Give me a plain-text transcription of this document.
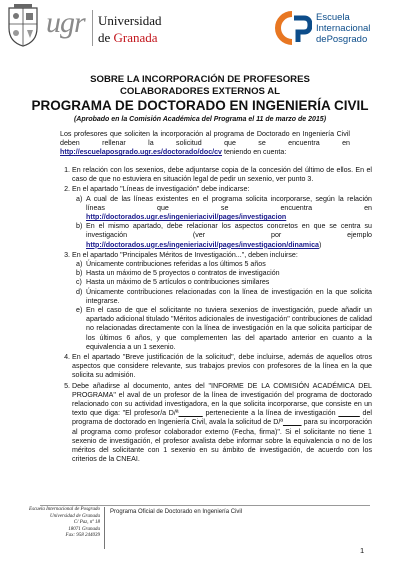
ugr Universidad
de Granada
Escuela
Internacional
dePosgrado
SOBRE LA INCORPORACIÓN DE PROFESORES
COLABORADORES EXTERNOS AL
PROGRAMA DE DOCTORADO EN INGENIERÍA CIVIL
(Aprobado en la Comisión Académica del Programa el 11 de marzo de 2015)
Los profesores que soliciten la incorporación al programa de Doctorado en Ingeniería Civil deben rellenar la solicitud que se encuentra en http://escuelaposgrado.ugr.es/doctorado/doc/cv teniendo en cuenta:
1. En relación con los sexenios, debe adjuntarse copia de la concesión del último de ellos. En el caso de que no estuviera en situación legal de pedir un sexenio, ver punto 3.
2. En el apartado "Líneas de investigación" debe indicarse:
a) A cual de las líneas existentes en el programa solicita incorporarse, según la relación líneas que se encuentra en http://doctorados.ugr.es/ingenieriacivil/pages/investigacion
b) En el mismo apartado, debe relacionar los aspectos concretos en que se centra su investigación (ver por ejemplo http://doctorados.ugr.es/ingenieriacivil/pages/investigacion/dinamica)
3. En el apartado "Principales Méritos de Investigación...", deben incluirse:
a) Únicamente contribuciones referidas a los últimos 5 años
b) Hasta un máximo de 5 proyectos o contratos de investigación
c) Hasta un máximo de 5 artículos o contribuciones similares
d) Únicamente contribuciones relacionadas con la línea de investigación en la que solicita integrarse.
e) En el caso de que el solicitante no tuviera sexenios de investigación, puede añadir un apartado adicional titulado "Méritos adicionales de investigación" contribuciones de calidad no relacionadas directamente con la línea de investigación en la que solicita participar de los últimos 6 años, y que complementen las del apartado anterior en cuanto a la equivalencia a un 1 sexenio.
4. En el apartado "Breve justificación de la solicitud", debe incluirse, además de aquellos otros aspectos que considere relevante, sus trabajos previos con profesores de la línea en la que solicita su admisión.
5. Debe añadirse al documento, antes del "INFORME DE LA COMISIÓN ACADÉMICA DEL PROGRAMA" el aval de un profesor de la línea de investigación del programa de doctorado relacionado con su actividad investigadora, en la que solicita incorporarse, que consiste en un texto que diga: "El profesor/a D/ª	perteneciente a la línea de investigación	del programa de doctorado en Ingeniería Civil, avala la solicitud de D/ª	para su incorporación al programa como profesor colaborador externo (Fecha, firma)". Si el solicitante no tiene 1 sexenio de investigación, el profesor avalista debe informar sobre la equivalencia o no de los méritos del solicitante con 1 sexenio en su ámbito de investigación, de acuerdo con los criterios de la CNEAI.
Escuela Internacional de Posgrado
Universidad de Granada
C/ Paz, nº 18
18071 Granada
Fax: 958 244039
Programa Oficial de Doctorado en Ingeniería Civil
1
